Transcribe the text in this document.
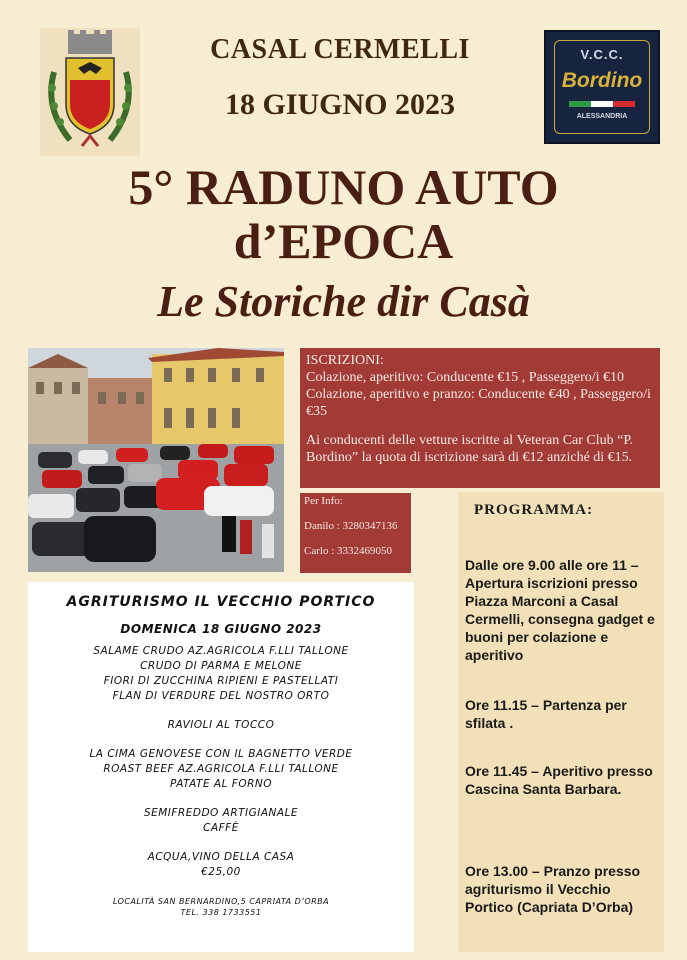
CASAL CERMELLI
18 GIUGNO 2023
V.C.C.
Bordino
ALESSANDRIA
5° RADUNO AUTO
d’EPOCA
Le Storiche dir Casà

ISCRIZIONI:

Colazione, aperitivo: Conducente €15 , Passeggero/i €10

Colazione, aperitivo e pranzo: Conducente €40 , Passeggero/i €35

Ai conducenti delle vetture iscritte al Veteran Car Club “P. Bordino” la quota di iscrizione sarà di €12 anziché di €15.

Per Info:
Danilo : 3280347136
Carlo : 3332469050
AGRITURISMO IL VECCHIO PORTICO
DOMENICA 18 GIUGNO 2023
SALAME CRUDO AZ.AGRICOLA F.LLI TALLONE
CRUDO DI PARMA E MELONE
FIORI DI ZUCCHINA RIPIENI E PASTELLATI
FLAN DI VERDURE DEL NOSTRO ORTO
RAVIOLI AL TOCCO
LA CIMA GENOVESE CON IL BAGNETTO VERDE
ROAST BEEF AZ.AGRICOLA F.LLI TALLONE
PATATE AL FORNO
SEMIFREDDO ARTIGIANALE
CAFFÈ
ACQUA,VINO DELLA CASA
€25,00
LOCALITÀ SAN BERNARDINO,5 CAPRIATA D’ORBA
TEL. 338 1733551
PROGRAMMA:
Dalle ore 9.00 alle ore 11 – Apertura iscrizioni presso Piazza Marconi a Casal Cermelli, consegna gadget e buoni per colazione e aperitivo
Ore 11.15 – Partenza per sfilata .
Ore 11.45 – Aperitivo presso Cascina Santa Barbara.
Ore 13.00 – Pranzo presso agriturismo il Vecchio Portico (Capriata D’Orba)
